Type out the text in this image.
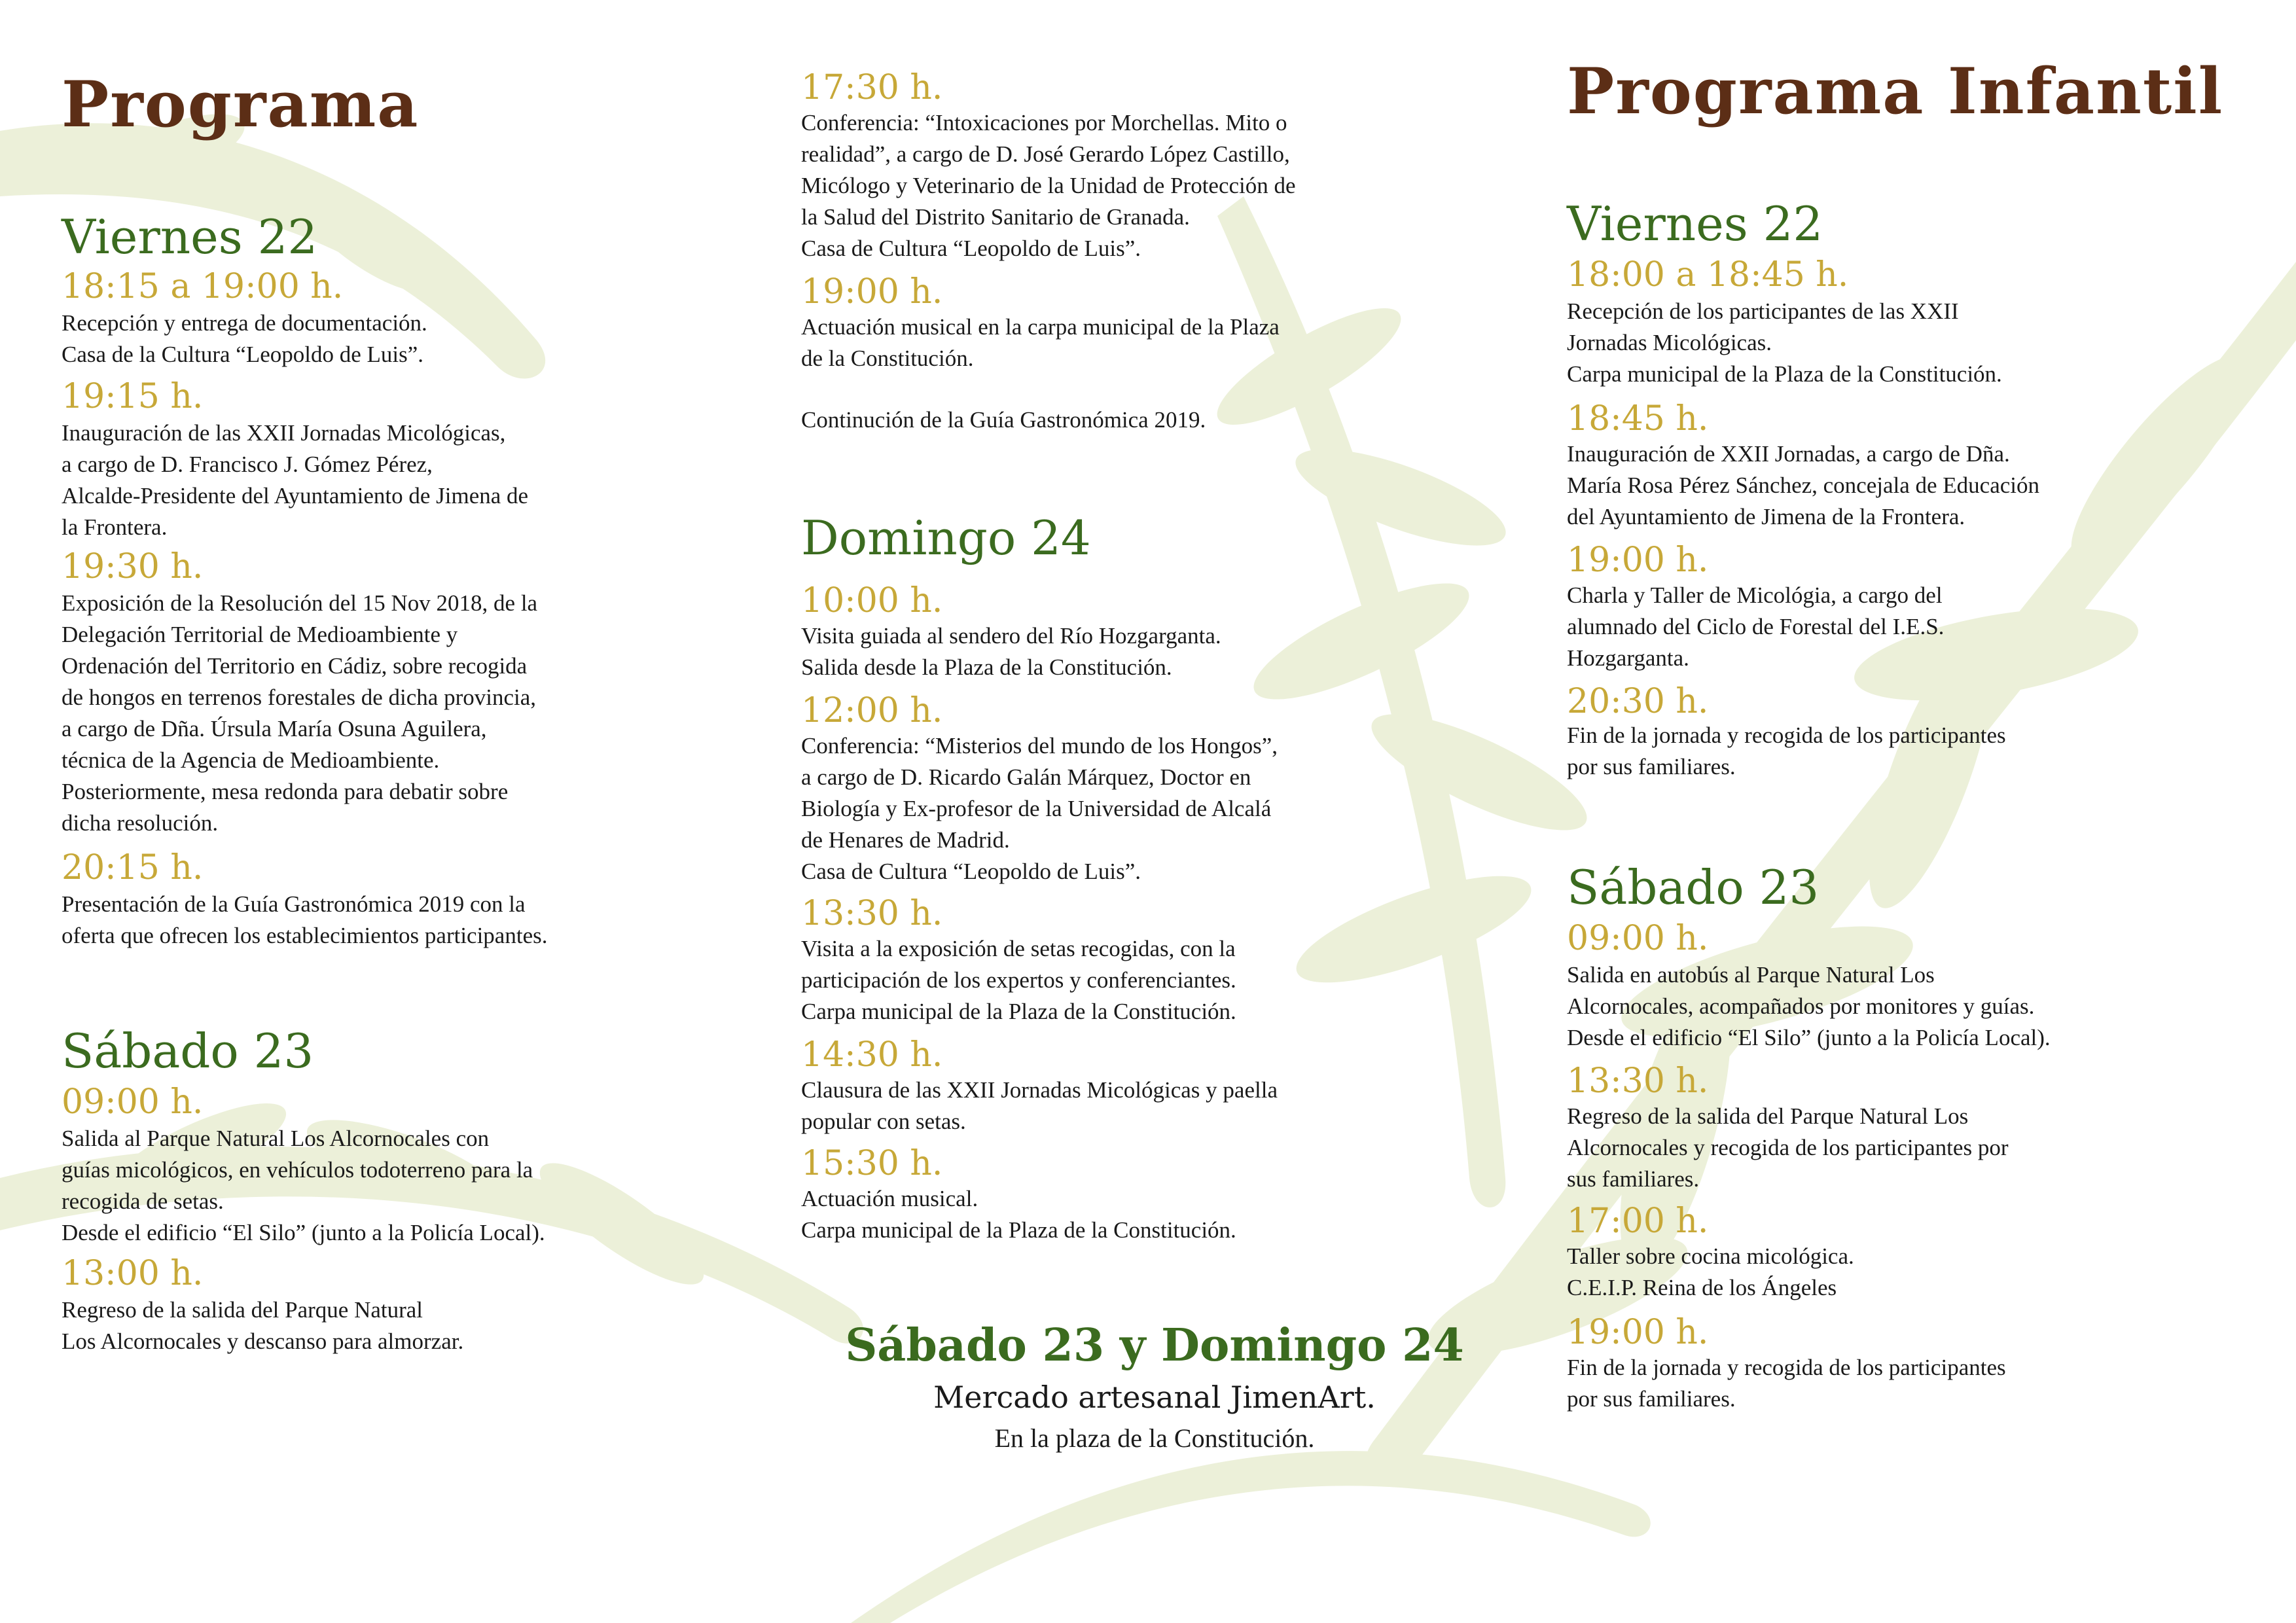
Programa
Viernes 22
18:15 a 19:00 h.
Recepción y entrega de documentación.
Casa de la Cultura “Leopoldo de Luis”.
19:15 h.
Inauguración de las XXII Jornadas Micológicas,
a cargo de D. Francisco J. Gómez Pérez,
Alcalde-Presidente del Ayuntamiento de Jimena de
la Frontera.
19:30 h.
Exposición de la Resolución del 15 Nov 2018, de la
Delegación Territorial de Medioambiente y
Ordenación del Territorio en Cádiz, sobre recogida
de hongos en terrenos forestales de dicha provincia,
a cargo de Dña. Úrsula María Osuna Aguilera,
técnica de la Agencia de Medioambiente.
Posteriormente, mesa redonda para debatir sobre
dicha resolución.
20:15 h.
Presentación de la Guía Gastronómica 2019 con la
oferta que ofrecen los establecimientos participantes.
Sábado 23
09:00 h.
Salida al Parque Natural Los Alcornocales con
guías micológicos, en vehículos todoterreno para la
recogida de setas.
Desde el edificio “El Silo” (junto a la Policía Local).
13:00 h.
Regreso de la salida del Parque Natural
Los Alcornocales y descanso para almorzar.
17:30 h.
Conferencia: “Intoxicaciones por Morchellas. Mito o
realidad”, a cargo de D. José Gerardo López Castillo,
Micólogo y Veterinario de la Unidad de Protección de
la Salud del Distrito Sanitario de Granada.
Casa de Cultura “Leopoldo de Luis”.
19:00 h.
Actuación musical en la carpa municipal de la Plaza
de la Constitución.
Continución de la Guía Gastronómica 2019.
Domingo 24
10:00 h.
Visita guiada al sendero del Río Hozgarganta.
Salida desde la Plaza de la Constitución.
12:00 h.
Conferencia: “Misterios del mundo de los Hongos”,
a cargo de D. Ricardo Galán Márquez, Doctor en
Biología y Ex-profesor de la Universidad de Alcalá
de Henares de Madrid.
Casa de Cultura “Leopoldo de Luis”.
13:30 h.
Visita a la exposición de setas recogidas, con la
participación de los expertos y conferenciantes.
Carpa municipal de la Plaza de la Constitución.
14:30 h.
Clausura de las XXII Jornadas Micológicas y paella
popular con setas.
15:30 h.
Actuación musical.
Carpa municipal de la Plaza de la Constitución.
Sábado 23 y Domingo 24
Mercado artesanal JimenArt.
En la plaza de la Constitución.
Programa Infantil
Viernes 22
18:00 a 18:45 h.
Recepción de los participantes de las XXII
Jornadas Micológicas.
Carpa municipal de la Plaza de la Constitución.
18:45 h.
Inauguración de XXII Jornadas, a cargo de Dña.
María Rosa Pérez Sánchez, concejala de Educación
del Ayuntamiento de Jimena de la Frontera.
19:00 h.
Charla y Taller de Micológia, a cargo del
alumnado del Ciclo de Forestal del I.E.S.
Hozgarganta.
20:30 h.
Fin de la jornada y recogida de los participantes
por sus familiares.
Sábado 23
09:00 h.
Salida en autobús al Parque Natural Los
Alcornocales, acompañados por monitores y guías.
Desde el edificio “El Silo” (junto a la Policía Local).
13:30 h.
Regreso de la salida del Parque Natural Los
Alcornocales y recogida de los participantes por
sus familiares.
17:00 h.
Taller sobre cocina micológica.
C.E.I.P. Reina de los Ángeles
19:00 h.
Fin de la jornada y recogida de los participantes
por sus familiares.
